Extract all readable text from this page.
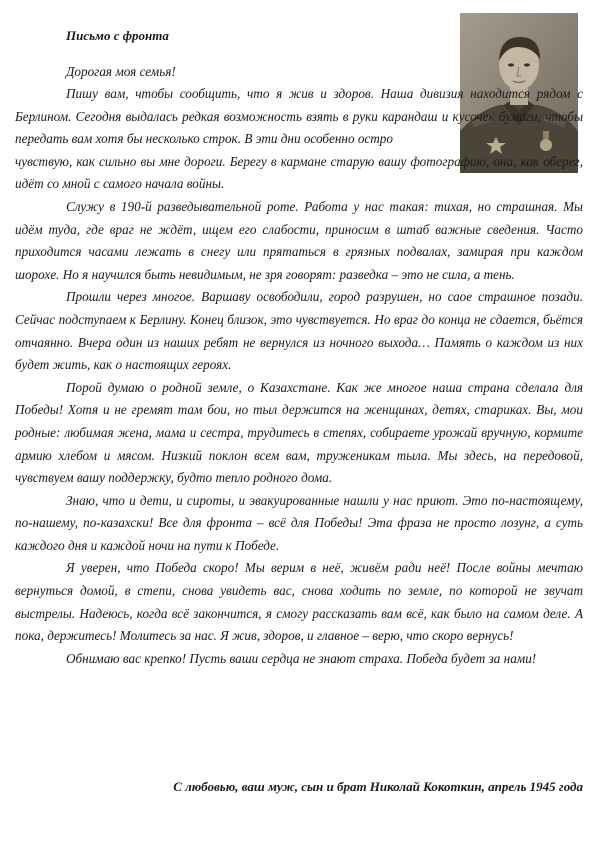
Письмо с фронта
Дорогая моя семья!

Пишу вам, чтобы сообщить, что я жив и здоров. Наша дивизия находится рядом с Берлином. Сегодня выдалась редкая возможность взять в руки карандаш и кусочек бумаги, чтобы передать вам хотя бы несколько строк. В эти дни особенно остро

чувствую, как сильно вы мне дороги. Берегу в кармане старую вашу фотографию, она, как оберег, идёт со мной с самого начала войны.

Служу в 190-й разведывательной роте. Работа у нас такая: тихая, но страшная. Мы идём туда, где враг не ждёт, ищем его слабости, приносим в штаб важные сведения. Часто приходится часами лежать в снегу или прятаться в грязных подвалах, замирая при каждом шорохе. Но я научился быть невидимым, не зря говорят: разведка – это не сила, а тень.

Прошли через многое. Варшаву освободили, город разрушен, но саое страшное позади. Сейчас подступаем к Берлину. Конец близок, это чувствуется. Но враг до конца не сдается, бьётся отчаянно. Вчера один из наших ребят не вернулся из ночного выхода… Память о каждом из них будет жить, как о настоящих героях.

Порой думаю о родной земле, о Казахстане. Как же многое наша страна сделала для Победы! Хотя и не гремят там бои, но тыл держится на женщинах, детях, стариках. Вы, мои родные: любимая жена, мама и сестра, трудитесь в степях, собираете урожай вручную, кормите армию хлебом и мясом. Низкий поклон всем вам, труженикам тыла. Мы здесь, на передовой, чувствуем вашу поддержку, будто тепло родного дома.

Знаю, что и дети, и сироты, и эвакуированные нашли у нас приют. Это по-настоящему, по-нашему, по-казахски! Все для фронта – всё для Победы! Эта фраза не просто лозунг, а суть каждого дня и каждой ночи на пути к Победе.

Я уверен, что Победа скоро! Мы верим в неё, живём ради неё! После войны мечтаю вернуться домой, в степи, снова увидеть вас, снова ходить по земле, по которой не звучат выстрелы. Надеюсь, когда всё закончится, я смогу рассказать вам всё, как было на самом деле. А пока, держитесь! Молитесь за нас. Я жив, здоров, и главное – верю, что скоро вернусь!

Обнимаю вас крепко! Пусть ваши сердца не знают страха. Победа будет за нами!

С любовью, ваш муж, сын и брат Николай Кокоткин, апрель 1945 года
